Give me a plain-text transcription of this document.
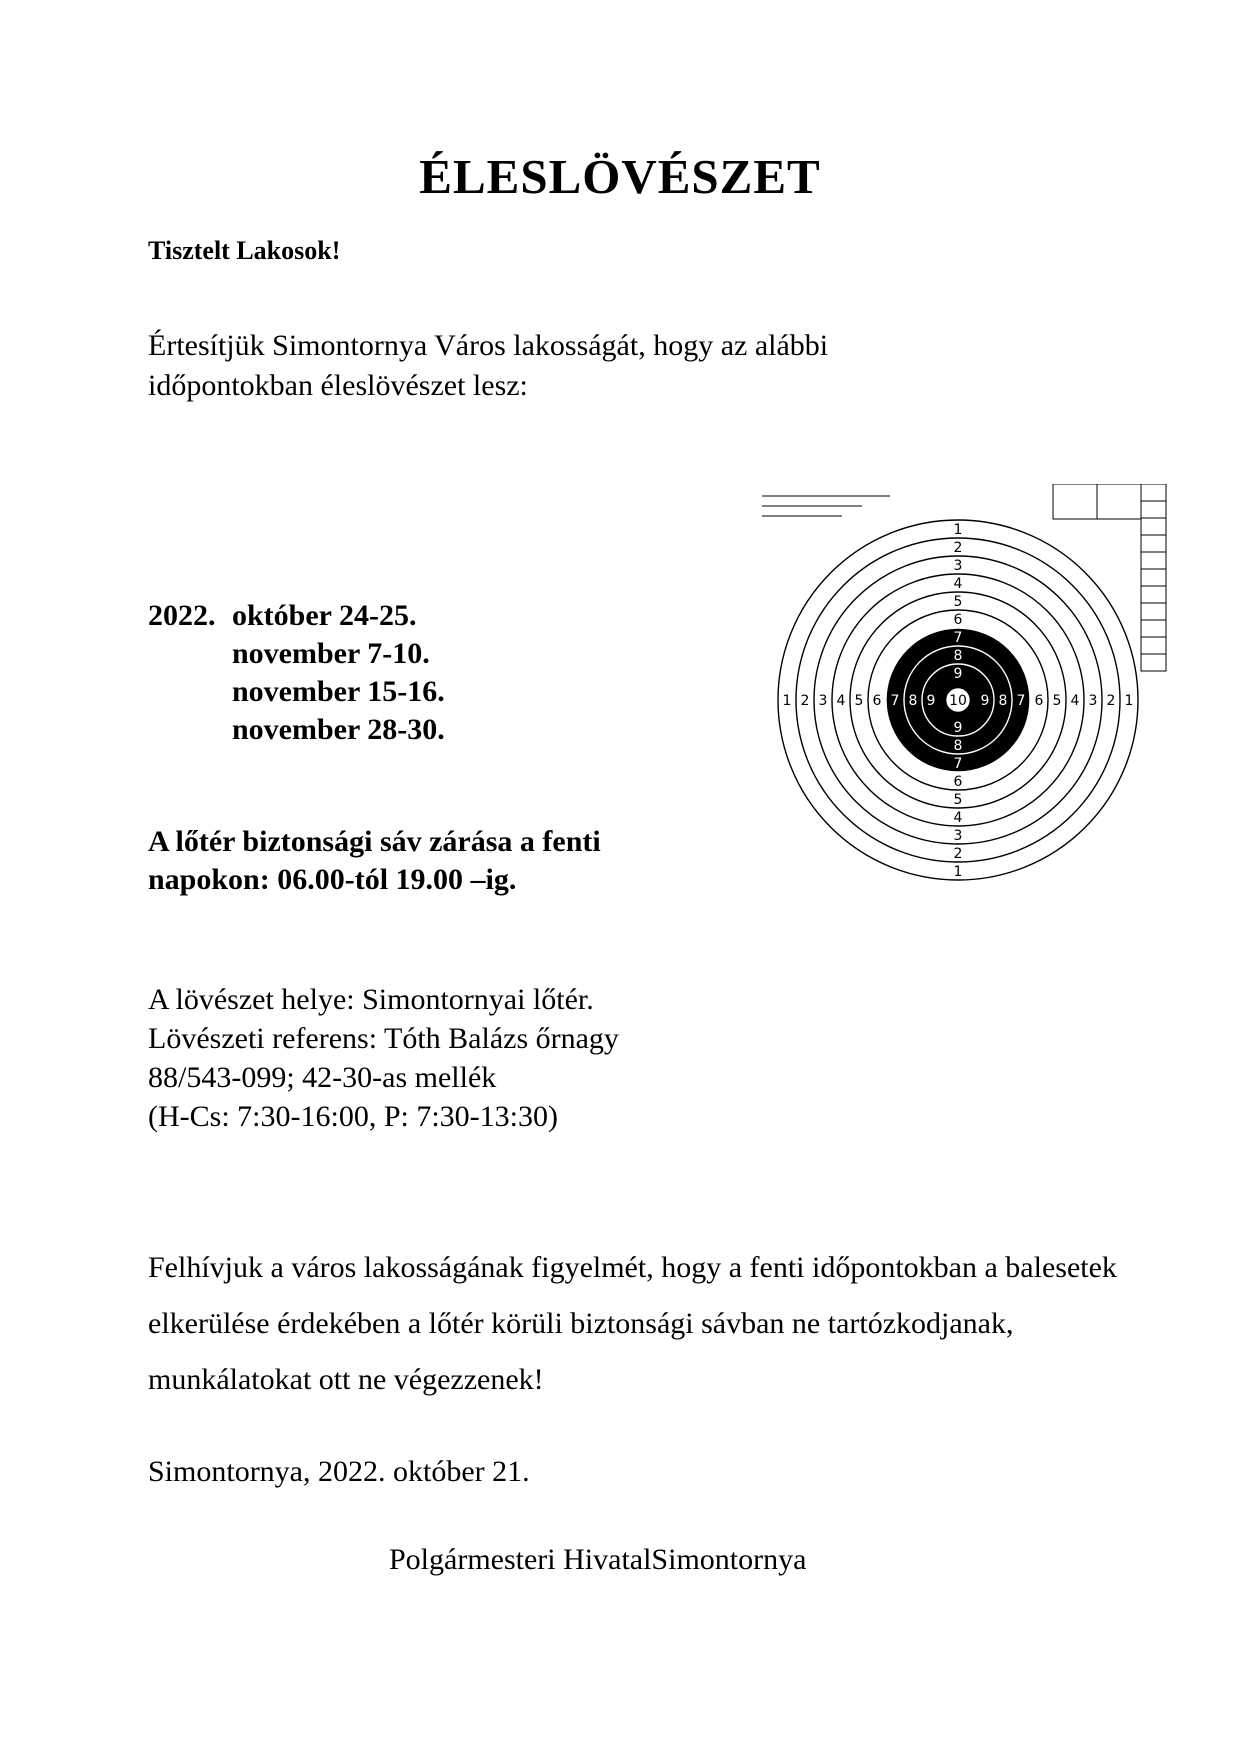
ÉLESLÖVÉSZET
Tisztelt Lakosok!
Értesítjük Simontornya Város lakosságát, hogy az alábbi időpontokban éleslövészet lesz:
2022. október 24-25.
november 7-10.
november 15-16.
november 28-30.
A lőtér biztonsági sáv zárása a fenti
napokon: 06.00-tól 19.00 –ig.
A lövészet helye: Simontornyai lőtér.
Lövészeti referens: Tóth Balázs őrnagy
88/543-099; 42-30-as mellék
(H-Cs: 7:30-16:00, P: 7:30-13:30)
Felhívjuk a város lakosságának figyelmét, hogy a fenti időpontokban a balesetek elkerülése érdekében a lőtér körüli biztonsági sávban ne tartózkodjanak, munkálatokat ott ne végezzenek!
Simontornya, 2022. október 21.
Polgármesteri HivatalSimontornya
1
1
1	1
2
2
2	2
3
3
3	3
4
4
4	4
5
5
5	5
6
6
6	6
7
7
7	7
8
8
8	8
9
9
9	9
10
